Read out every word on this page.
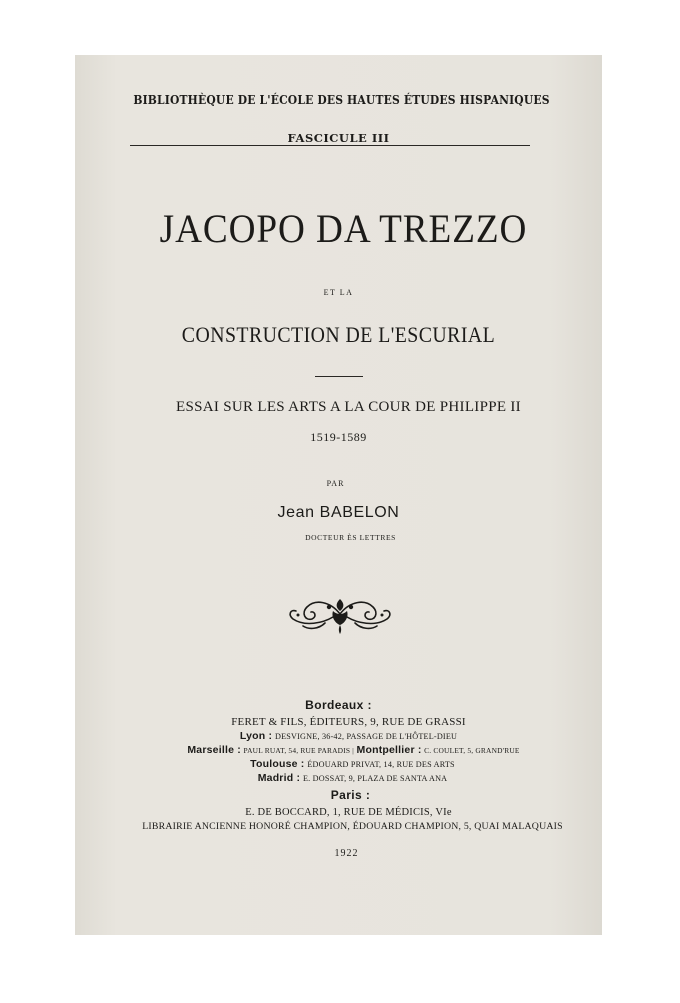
BIBLIOTHÈQUE DE L'ÉCOLE DES HAUTES ÉTUDES HISPANIQUES
FASCICULE III
JACOPO DA TREZZO
ET LA
CONSTRUCTION DE L'ESCURIAL
ESSAI SUR LES ARTS A LA COUR DE PHILIPPE II
1519-1589
PAR
Jean BABELON
DOCTEUR ÈS LETTRES
Bordeaux :
FERET & FILS, ÉDITEURS, 9, RUE DE GRASSI
Lyon : DESVIGNE, 36-42, PASSAGE DE L'HÔTEL-DIEU
Marseille : PAUL RUAT, 54, RUE PARADIS | Montpellier : C. COULET, 5, GRAND'RUE
Toulouse : ÉDOUARD PRIVAT, 14, RUE DES ARTS
Madrid : E. DOSSAT, 9, PLAZA DE SANTA ANA
Paris :
E. DE BOCCARD, 1, RUE DE MÉDICIS, VIe
LIBRAIRIE ANCIENNE HONORÉ CHAMPION, ÉDOUARD CHAMPION, 5, QUAI MALAQUAIS
1922
